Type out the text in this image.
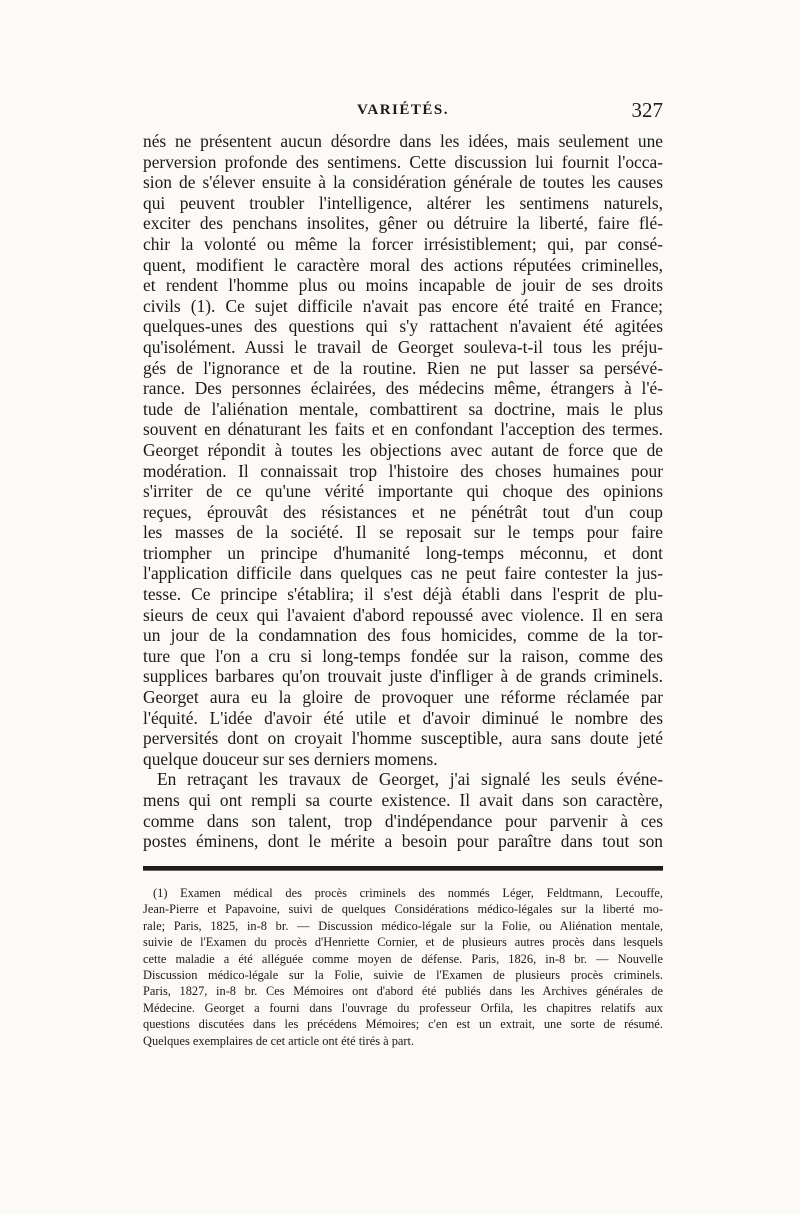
VARIÉTÉS.	327
nés ne présentent aucun désordre dans les idées, mais seulement une
perversion profonde des sentimens. Cette discussion lui fournit l'occa-
sion de s'élever ensuite à la considération générale de toutes les causes
qui peuvent troubler l'intelligence, altérer les sentimens naturels,
exciter des penchans insolites, gêner ou détruire la liberté, faire flé-
chir la volonté ou même la forcer irrésistiblement; qui, par consé-
quent, modifient le caractère moral des actions réputées criminelles,
et rendent l'homme plus ou moins incapable de jouir de ses droits
civils (1). Ce sujet difficile n'avait pas encore été traité en France;
quelques-unes des questions qui s'y rattachent n'avaient été agitées
qu'isolément. Aussi le travail de Georget souleva-t-il tous les préju-
gés de l'ignorance et de la routine. Rien ne put lasser sa persévé-
rance. Des personnes éclairées, des médecins même, étrangers à l'é-
tude de l'aliénation mentale, combattirent sa doctrine, mais le plus
souvent en dénaturant les faits et en confondant l'acception des termes.
Georget répondit à toutes les objections avec autant de force que de
modération. Il connaissait trop l'histoire des choses humaines pour
s'irriter de ce qu'une vérité importante qui choque des opinions
reçues, éprouvât des résistances et ne pénétrât tout d'un coup
les masses de la société. Il se reposait sur le temps pour faire
triompher un principe d'humanité long-temps méconnu, et dont
l'application difficile dans quelques cas ne peut faire contester la jus-
tesse. Ce principe s'établira; il s'est déjà établi dans l'esprit de plu-
sieurs de ceux qui l'avaient d'abord repoussé avec violence. Il en sera
un jour de la condamnation des fous homicides, comme de la tor-
ture que l'on a cru si long-temps fondée sur la raison, comme des
supplices barbares qu'on trouvait juste d'infliger à de grands criminels.
Georget aura eu la gloire de provoquer une réforme réclamée par
l'équité. L'idée d'avoir été utile et d'avoir diminué le nombre des
perversités dont on croyait l'homme susceptible, aura sans doute jeté
quelque douceur sur ses derniers momens.
En retraçant les travaux de Georget, j'ai signalé les seuls événe-
mens qui ont rempli sa courte existence. Il avait dans son caractère,
comme dans son talent, trop d'indépendance pour parvenir à ces
postes éminens, dont le mérite a besoin pour paraître dans tout son
(1) Examen médical des procès criminels des nommés Léger, Feldtmann, Lecouffe,
Jean-Pierre et Papavoine, suivi de quelques Considérations médico-légales sur la liberté mo-
rale; Paris, 1825, in-8 br. — Discussion médico-légale sur la Folie, ou Aliénation mentale,
suivie de l'Examen du procès d'Henriette Cornier, et de plusieurs autres procès dans lesquels
cette maladie a été alléguée comme moyen de défense. Paris, 1826, in-8 br. — Nouvelle
Discussion médico-légale sur la Folie, suivie de l'Examen de plusieurs procès criminels.
Paris, 1827, in-8 br. Ces Mémoires ont d'abord été publiés dans les Archives générales de
Médecine. Georget a fourni dans l'ouvrage du professeur Orfila, les chapitres relatifs aux
questions discutées dans les précédens Mémoires; c'en est un extrait, une sorte de résumé.
Quelques exemplaires de cet article ont été tirés à part.
